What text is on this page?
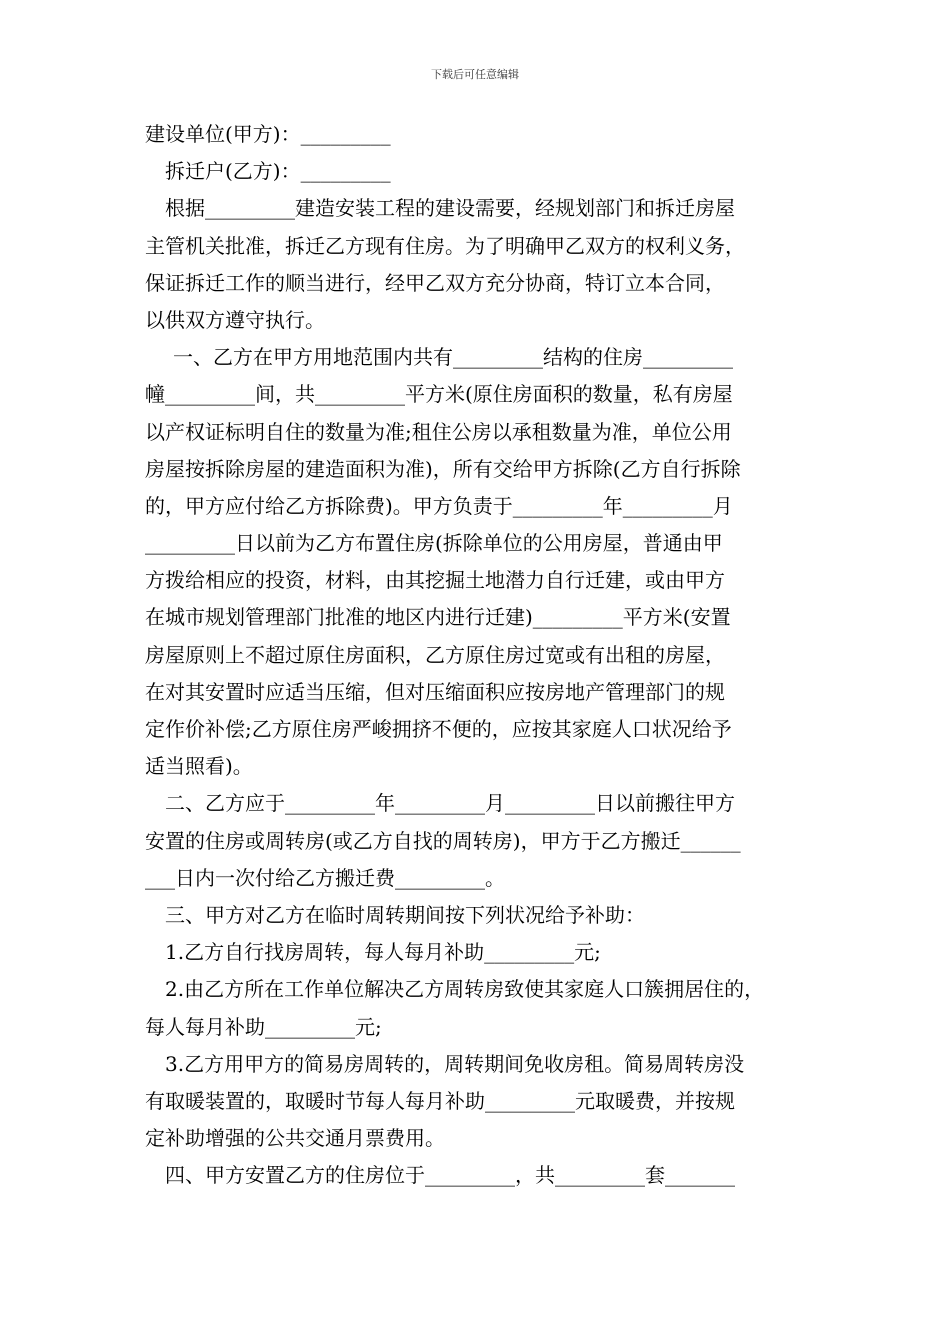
下载后可任意编辑
建设单位(甲方)：_________
拆迁户(乙方)：_________
根据_________建造安装工程的建设需要，经规划部门和拆迁房屋
主管机关批准，拆迁乙方现有住房。为了明确甲乙双方的权利义务，
保证拆迁工作的顺当进行，经甲乙双方充分协商，特订立本合同，
以供双方遵守执行。
一、乙方在甲方用地范围内共有_________结构的住房_________
幢_________间，共_________平方米(原住房面积的数量，私有房屋
以产权证标明自住的数量为准;租住公房以承租数量为准，单位公用
房屋按拆除房屋的建造面积为准)，所有交给甲方拆除(乙方自行拆除
的，甲方应付给乙方拆除费)。甲方负责于_________年_________月
_________日以前为乙方布置住房(拆除单位的公用房屋，普通由甲
方拨给相应的投资，材料，由其挖掘土地潜力自行迁建，或由甲方
在城市规划管理部门批准的地区内进行迁建)_________平方米(安置
房屋原则上不超过原住房面积，乙方原住房过宽或有出租的房屋，
在对其安置时应适当压缩，但对压缩面积应按房地产管理部门的规
定作价补偿;乙方原住房严峻拥挤不便的，应按其家庭人口状况给予
适当照看)。
二、乙方应于_________年_________月_________日以前搬往甲方
安置的住房或周转房(或乙方自找的周转房)，甲方于乙方搬迁______
___日内一次付给乙方搬迁费_________。
三、甲方对乙方在临时周转期间按下列状况给予补助：
1.乙方自行找房周转，每人每月补助_________元;
2.由乙方所在工作单位解决乙方周转房致使其家庭人口簇拥居住的，
每人每月补助_________元;
3.乙方用甲方的简易房周转的，周转期间免收房租。简易周转房没
有取暖装置的，取暖时节每人每月补助_________元取暖费，并按规
定补助增强的公共交通月票费用。
四、甲方安置乙方的住房位于_________，共_________套_______
